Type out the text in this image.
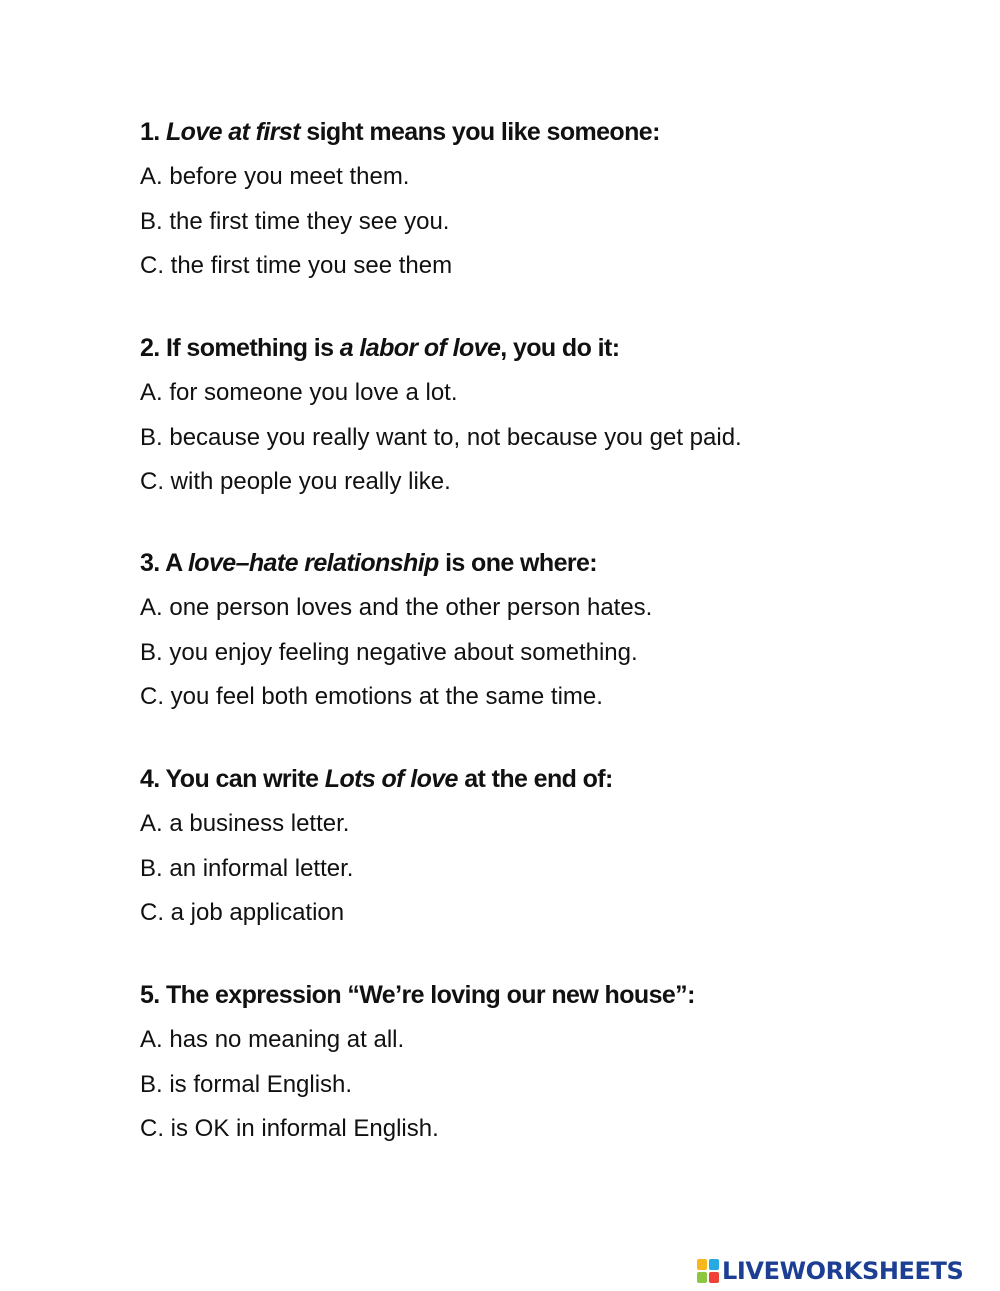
1. Love at first sight means you like someone:
A. before you meet them.
B. the first time they see you.
C. the first time you see them
2. If something is a labor of love, you do it:
A. for someone you love a lot.
B. because you really want to, not because you get paid.
C. with people you really like.
3. A love–hate relationship is one where:
A. one person loves and the other person hates.
B. you enjoy feeling negative about something.
C. you feel both emotions at the same time.
4. You can write Lots of love at the end of:
A. a business letter.
B. an informal letter.
C. a job application
5. The expression “We’re loving our new house”:
A. has no meaning at all.
B. is formal English.
C. is OK in informal English.
LIVEWORKSHEETS
